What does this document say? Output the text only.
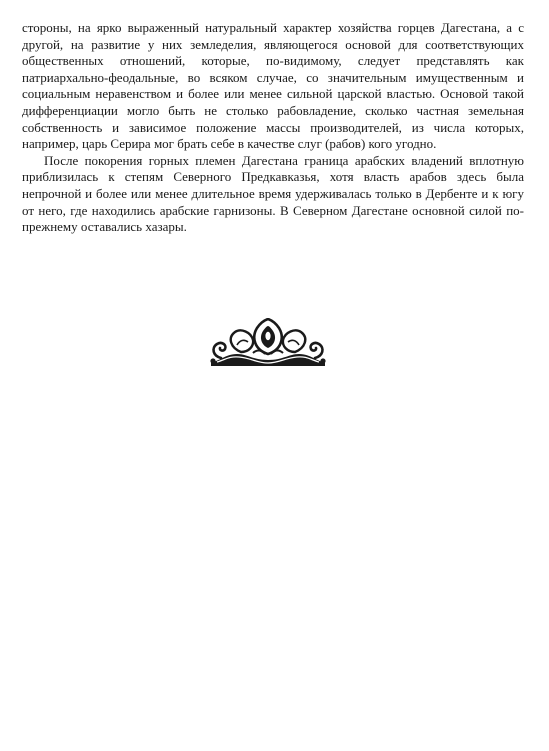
стороны, на ярко выраженный натуральный характер хозяйства горцев Дагестана, а с другой, на развитие у них земледелия, являющегося основой для соответствующих общественных отношений, которые, по-видимому, следует представлять как патриархально-феодальные, во всяком случае, со значительным имущественным и социальным неравенством и более или менее сильной царской властью. Основой такой дифференциации могло быть не столько рабовладение, сколько частная земельная собственность и зависимое положение массы производителей, из числа которых, например, царь Серира мог брать себе в качестве слуг (рабов) кого угодно.

После покорения горных племен Дагестана граница арабских владений вплотную приблизилась к степям Северного Предкавказья, хотя власть арабов здесь была непрочной и более или менее длительное время удерживалась только в Дербенте и к югу от него, где находились арабские гарнизоны. В Северном Дагестане основной силой по-прежнему оставались хазары.
